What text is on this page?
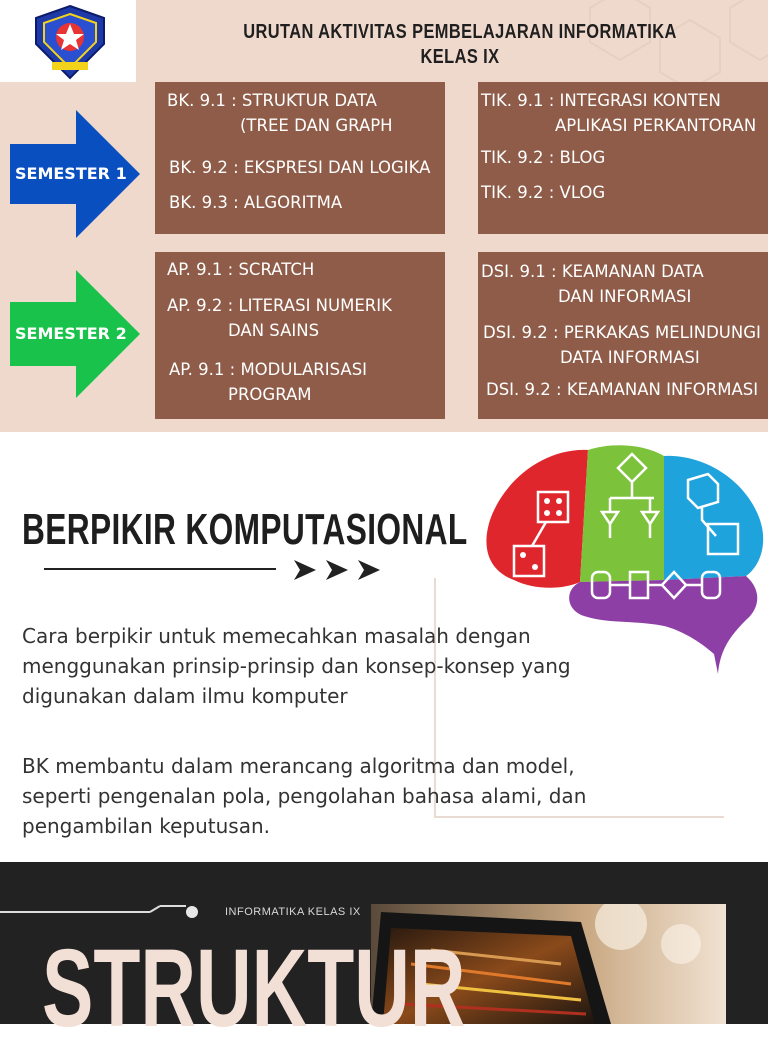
URUTAN AKTIVITAS PEMBELAJARAN INFORMATIKA
KELAS IX
SEMESTER 1
BK. 9.1 : STRUKTUR DATA
(TREE DAN GRAPH
BK. 9.2 : EKSPRESI DAN LOGIKA
BK. 9.3 : ALGORITMA
TIK. 9.1 : INTEGRASI KONTEN
APLIKASI PERKANTORAN
TIK. 9.2 : BLOG
TIK. 9.2 : VLOG
SEMESTER 2
AP. 9.1 : SCRATCH
AP. 9.2 : LITERASI NUMERIK
DAN SAINS
AP. 9.1 : MODULARISASI
PROGRAM
DSI. 9.1 : KEAMANAN DATA
DAN INFORMASI
DSI. 9.2 : PERKAKAS MELINDUNGI
DATA INFORMASI
DSI. 9.2 : KEAMANAN INFORMASI
BERPIKIR KOMPUTASIONAL
Cara berpikir untuk memecahkan masalah dengan
menggunakan prinsip-prinsip dan konsep-konsep yang
digunakan dalam ilmu komputer
BK membantu dalam merancang algoritma dan model,
seperti pengenalan pola, pengolahan bahasa alami, dan
pengambilan keputusan.
INFORMATIKA KELAS IX
STRUKTUR
